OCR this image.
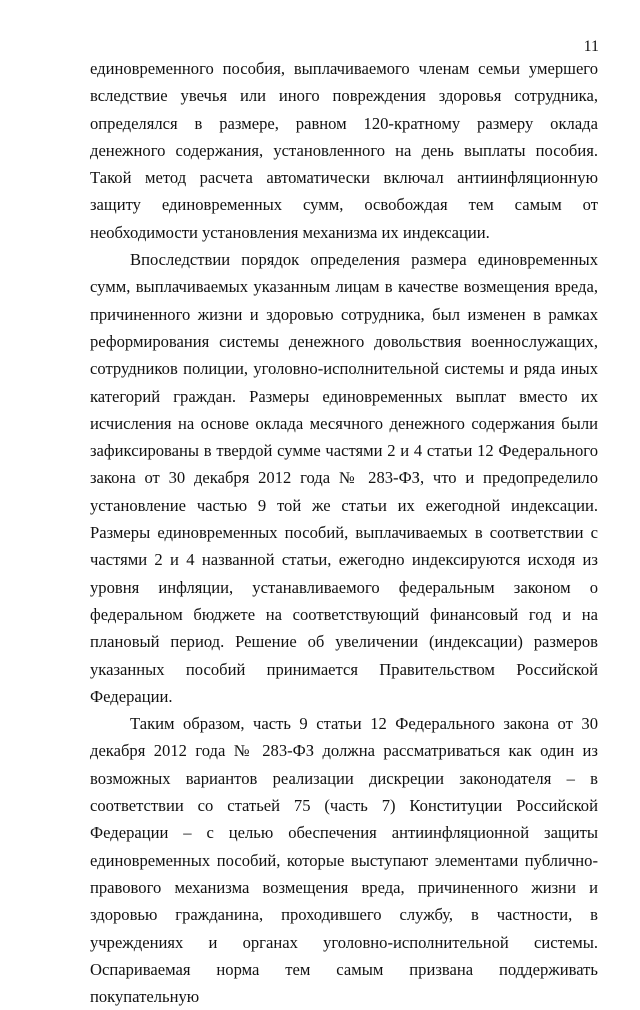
11

единовременного пособия, выплачиваемого членам семьи умершего вследствие увечья или иного повреждения здоровья сотрудника, определялся в размере, равном 120-кратному размеру оклада денежного содержания, установленного на день выплаты пособия. Такой метод расчета автоматически включал антиинфляционную защиту единовременных сумм, освобождая тем самым от необходимости установления механизма их индексации.

Впоследствии порядок определения размера единовременных сумм, выплачиваемых указанным лицам в качестве возмещения вреда, причиненного жизни и здоровью сотрудника, был изменен в рамках реформирования системы денежного довольствия военнослужащих, сотрудников полиции, уголовно-исполнительной системы и ряда иных категорий граждан. Размеры единовременных выплат вместо их исчисления на основе оклада месячного денежного содержания были зафиксированы в твердой сумме частями 2 и 4 статьи 12 Федерального закона от 30 декабря 2012 года № 283-ФЗ, что и предопределило установление частью 9 той же статьи их ежегодной индексации. Размеры единовременных пособий, выплачиваемых в соответствии с частями 2 и 4 названной статьи, ежегодно индексируются исходя из уровня инфляции, устанавливаемого федеральным законом о федеральном бюджете на соответствующий финансовый год и на плановый период. Решение об увеличении (индексации) размеров указанных пособий принимается Правительством Российской Федерации.

Таким образом, часть 9 статьи 12 Федерального закона от 30 декабря 2012 года № 283-ФЗ должна рассматриваться как один из возможных вариантов реализации дискреции законодателя – в соответствии со статьей 75 (часть 7) Конституции Российской Федерации – с целью обеспечения антиинфляционной защиты единовременных пособий, которые выступают элементами публично-правового механизма возмещения вреда, причиненного жизни и здоровью гражданина, проходившего службу, в частности, в учреждениях и органах уголовно-исполнительной системы. Оспариваемая норма тем самым призвана поддерживать покупательную
